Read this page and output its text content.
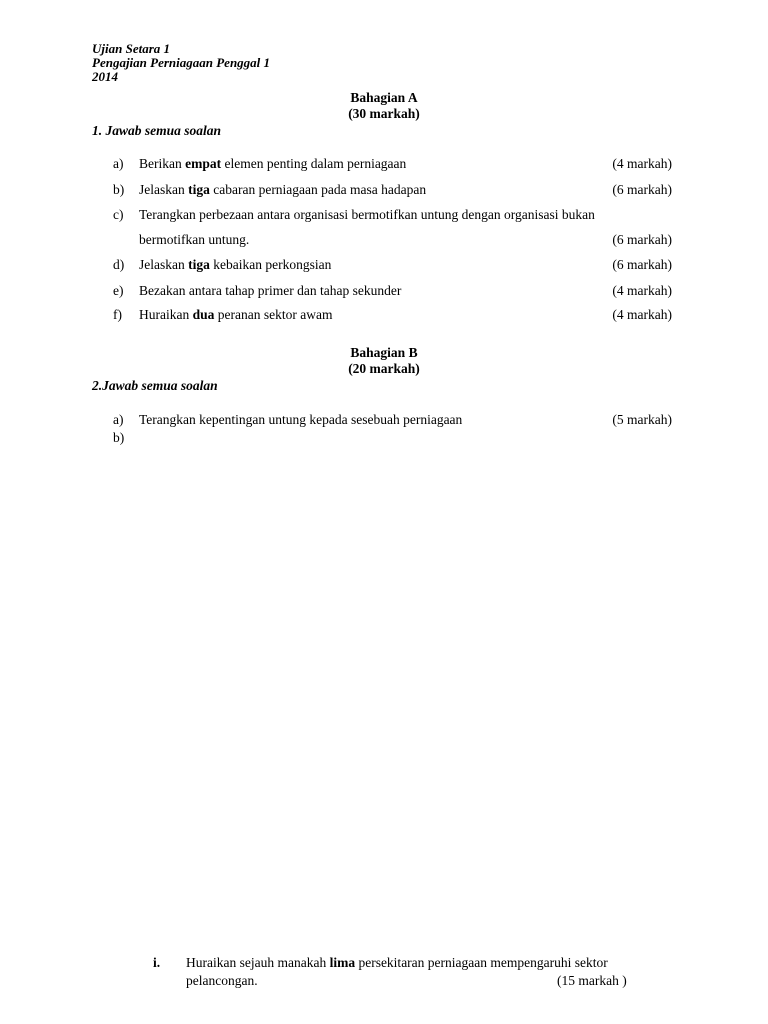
Ujian Setara 1
Pengajian Perniagaan Penggal 1
2014
Bahagian A
(30 markah)
1. Jawab semua soalan
a) Berikan empat elemen penting dalam perniagaan	(4 markah)
b) Jelaskan tiga cabaran perniagaan pada masa hadapan	(6 markah)
c) Terangkan perbezaan antara organisasi bermotifkan untung dengan organisasi bukan
bermotifkan untung.	(6 markah)
d) Jelaskan tiga kebaikan perkongsian	(6 markah)
e) Bezakan antara tahap primer dan tahap sekunder	(4 markah)
f) Huraikan dua peranan sektor awam	(4 markah)
Bahagian B
(20 markah)
2.Jawab semua soalan
a) Terangkan kepentingan untung kepada sesebuah perniagaan	(5 markah)
b)
i. Huraikan sejauh manakah lima persekitaran perniagaan mempengaruhi sektor
pelancongan.	(15 markah )
